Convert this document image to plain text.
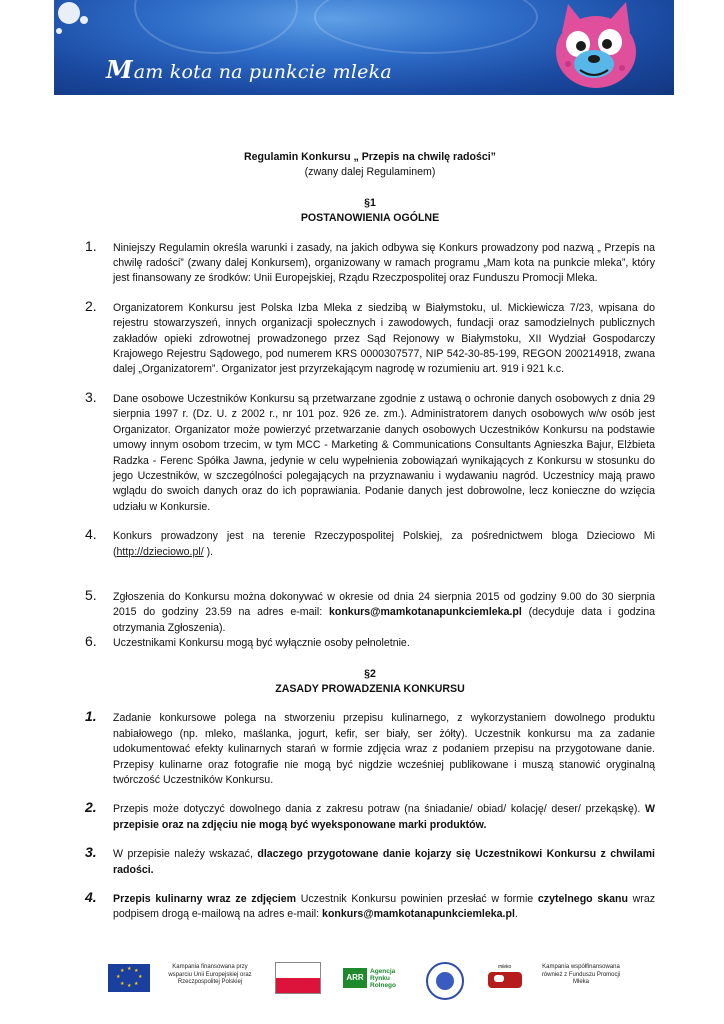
Mam kota na punkcie mleka
Regulamin Konkursu „ Przepis na chwilę radości”
(zwany dalej Regulaminem)
§1
POSTANOWIENIA OGÓLNE
1. Niniejszy Regulamin określa warunki i zasady, na jakich odbywa się Konkurs prowadzony pod nazwą „ Przepis na chwilę radości” (zwany dalej Konkursem), organizowany w ramach programu „Mam kota na punkcie mleka”, który jest finansowany ze środków: Unii Europejskiej, Rządu Rzeczpospolitej oraz Funduszu Promocji Mleka.
2. Organizatorem Konkursu jest Polska Izba Mleka z siedzibą w Białymstoku, ul. Mickiewicza 7/23, wpisana do rejestru stowarzyszeń, innych organizacji społecznych i zawodowych, fundacji oraz samodzielnych publicznych zakładów opieki zdrowotnej prowadzonego przez Sąd Rejonowy w Białymstoku, XII Wydział Gospodarczy Krajowego Rejestru Sądowego, pod numerem KRS 0000307577, NIP 542-30-85-199, REGON 200214918, zwana dalej „Organizatorem”. Organizator jest przyrzekającym nagrodę w rozumieniu art. 919 i 921 k.c.
3. Dane osobowe Uczestników Konkursu są przetwarzane zgodnie z ustawą o ochronie danych osobowych z dnia 29 sierpnia 1997 r. (Dz. U. z 2002 r., nr 101 poz. 926 ze. zm.). Administratorem danych osobowych w/w osób jest Organizator. Organizator może powierzyć przetwarzanie danych osobowych Uczestników Konkursu na podstawie umowy innym osobom trzecim, w tym MCC - Marketing & Communications Consultants Agnieszka Bajur, Elżbieta Radzka - Ferenc Spółka Jawna, jedynie w celu wypełnienia zobowiązań wynikających z Konkursu w stosunku do jego Uczestników, w szczególności polegających na przyznawaniu i wydawaniu nagród. Uczestnicy mają prawo wglądu do swoich danych oraz do ich poprawiania. Podanie danych jest dobrowolne, lecz konieczne do wzięcia udziału w Konkursie.
4. Konkurs prowadzony jest na terenie Rzeczypospolitej Polskiej, za pośrednictwem bloga Dzieciowo Mi (http://dzieciowo.pl/ ).
5. Zgłoszenia do Konkursu można dokonywać w okresie od dnia 24 sierpnia 2015 od godziny 9.00 do 30 sierpnia 2015 do godziny 23.59 na adres e-mail: konkurs@mamkotanapunkciemleka.pl (decyduje data i godzina otrzymania Zgłoszenia).
6. Uczestnikami Konkursu mogą być wyłącznie osoby pełnoletnie.
§2
ZASADY PROWADZENIA KONKURSU
1. Zadanie konkursowe polega na stworzeniu przepisu kulinarnego, z wykorzystaniem dowolnego produktu nabiałowego (np. mleko, maślanka, jogurt, kefir, ser biały, ser żółty). Uczestnik konkursu ma za zadanie udokumentować efekty kulinarnych starań w formie zdjęcia wraz z podaniem przepisu na przygotowane danie. Przepisy kulinarne oraz fotografie nie mogą być nigdzie wcześniej publikowane i muszą stanowić oryginalną twórczość Uczestników Konkursu.
2. Przepis może dotyczyć dowolnego dania z zakresu potraw (na śniadanie/ obiad/ kolację/ deser/ przekąskę). W przepisie oraz na zdjęciu nie mogą być wyeksponowane marki produktów.
3. W przepisie należy wskazać, dlaczego przygotowane danie kojarzy się Uczestnikowi Konkursu z chwilami radości.
4. Przepis kulinarny wraz ze zdjęciem Uczestnik Konkursu powinien przesłać w formie czytelnego skanu wraz podpisem drogą e-mailową na adres e-mail: konkurs@mamkotanapunkciemleka.pl.
★ ★
★
★
★
★
★
★
Kampania finansowana przy wsparciu Unii Europejskiej oraz Rzeczpospolitej Polskiej	ARR
Agencja Rynku Rolnego
mleko	Kampania współfinansowana również z Funduszu Promocji Mleka
